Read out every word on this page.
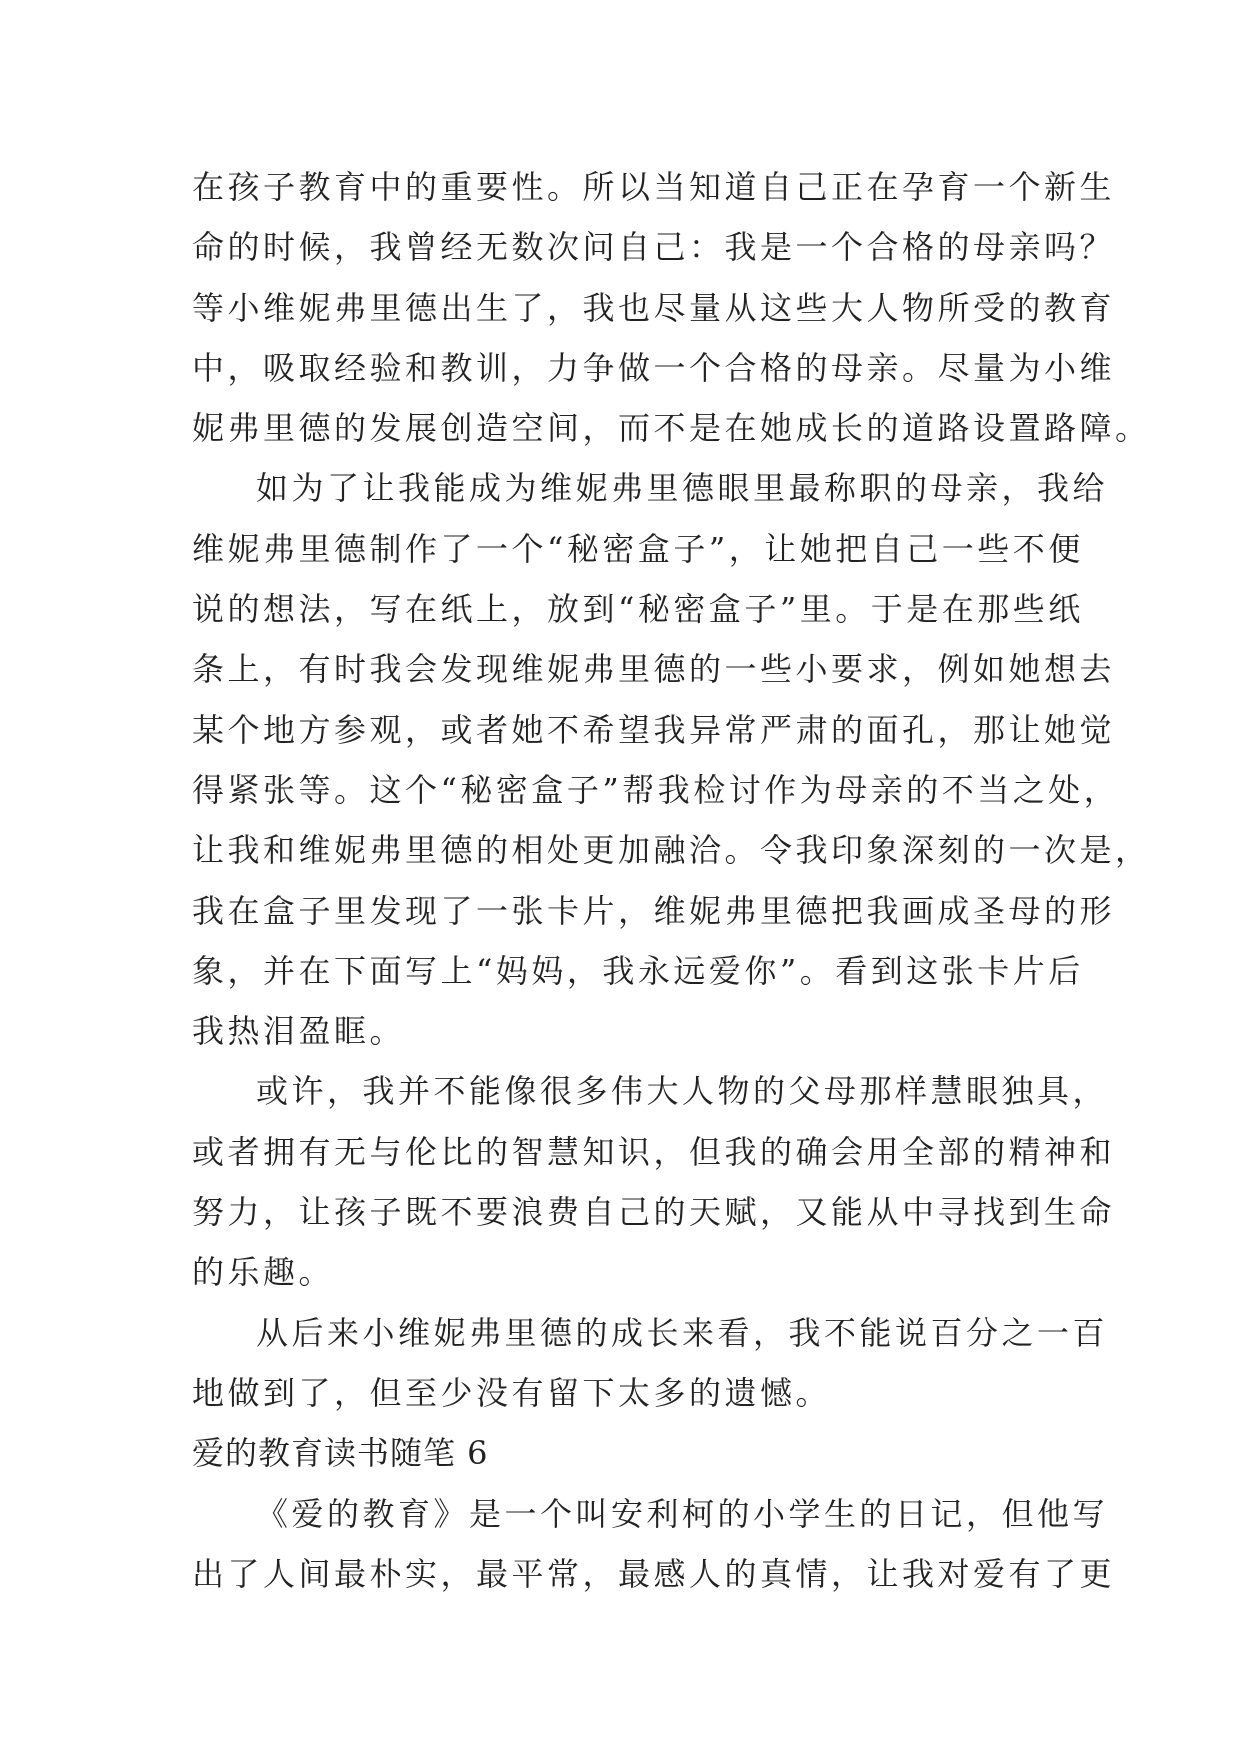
在孩子教育中的重要性。所以当知道自己正在孕育一个新生
命的时候，我曾经无数次问自己：我是一个合格的母亲吗？
等小维妮弗里德出生了，我也尽量从这些大人物所受的教育
中，吸取经验和教训，力争做一个合格的母亲。尽量为小维
妮弗里德的发展创造空间，而不是在她成长的道路设置路障。
如为了让我能成为维妮弗里德眼里最称职的母亲，我给
维妮弗里德制作了一个“秘密盒子”，让她把自己一些不便
说的想法，写在纸上，放到“秘密盒子”里。于是在那些纸
条上，有时我会发现维妮弗里德的一些小要求，例如她想去
某个地方参观，或者她不希望我异常严肃的面孔，那让她觉
得紧张等。这个“秘密盒子”帮我检讨作为母亲的不当之处，
让我和维妮弗里德的相处更加融洽。令我印象深刻的一次是，
我在盒子里发现了一张卡片，维妮弗里德把我画成圣母的形
象，并在下面写上“妈妈，我永远爱你”。看到这张卡片后
我热泪盈眶。
或许，我并不能像很多伟大人物的父母那样慧眼独具，
或者拥有无与伦比的智慧知识，但我的确会用全部的精神和
努力，让孩子既不要浪费自己的天赋，又能从中寻找到生命
的乐趣。
从后来小维妮弗里德的成长来看，我不能说百分之一百
地做到了，但至少没有留下太多的遗憾。
爱的教育读书随笔 6
《爱的教育》是一个叫安利柯的小学生的日记，但他写
出了人间最朴实，最平常，最感人的真情，让我对爱有了更
